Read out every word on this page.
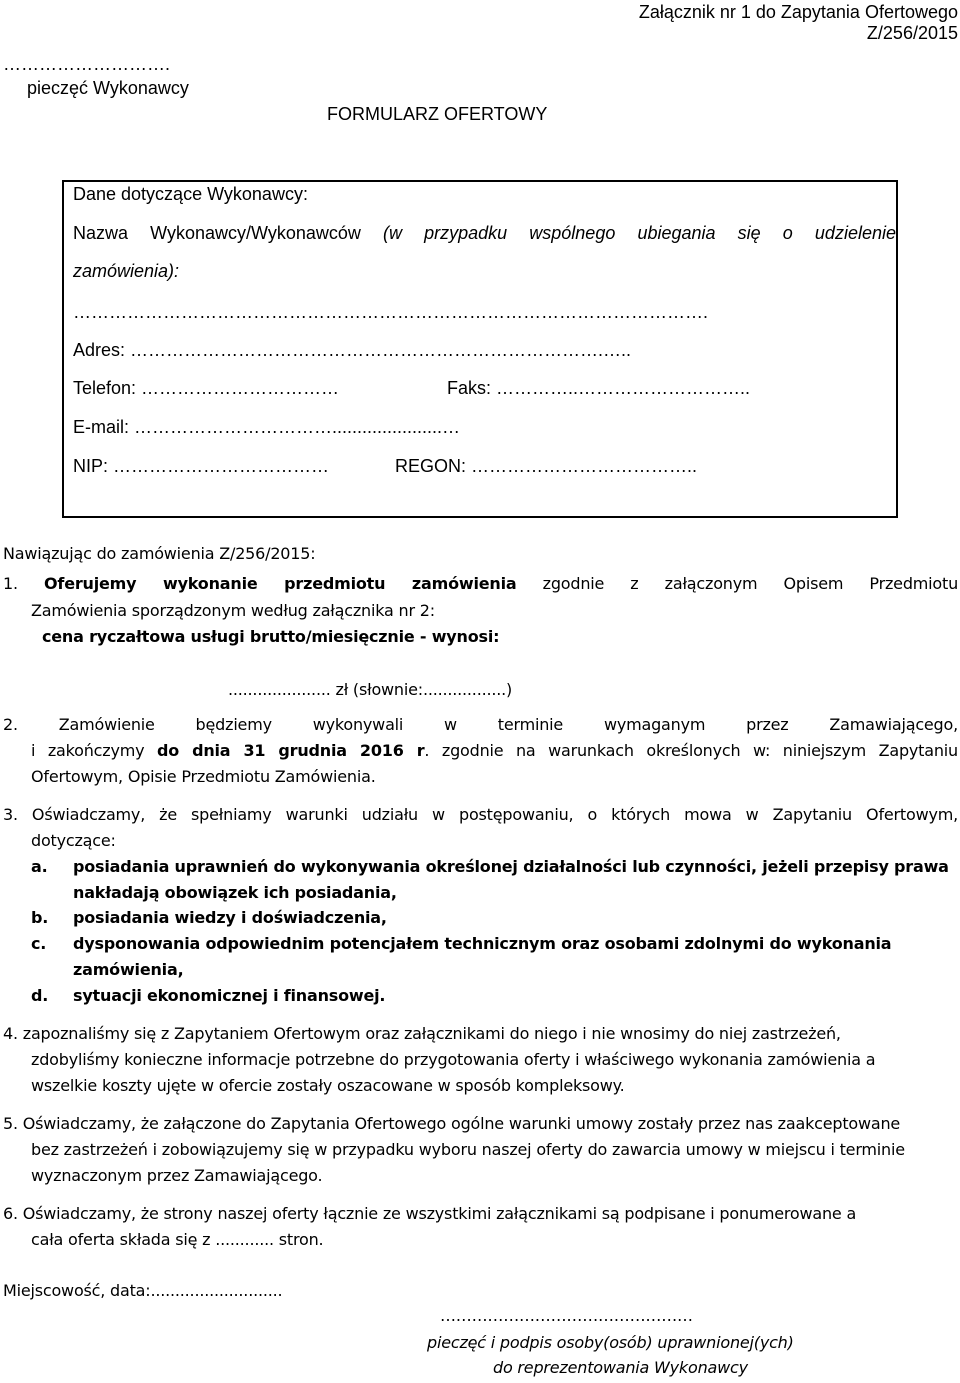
Załącznik nr 1 do Zapytania Ofertowego
Z/256/2015
……………………….
pieczęć Wykonawcy
FORMULARZ OFERTOWY
Dane dotyczące Wykonawcy:
Nazwa Wykonawcy/Wykonawców (w przypadku wspólnego ubiegania się o udzielenie
zamówienia):
…………………………………………………………………………………………….
Adres: …………………………………………………………………….…..
Telefon: ……………………………	Faks: …………..………………………..
E-mail: ……………………………......................…
NIP: ………………………………	REGON: ………………………………..
Nawiązując do zamówienia Z/256/2015:
1. Oferujemy wykonanie przedmiotu zamówienia zgodnie z załączonym Opisem Przedmiotu
Zamówienia sporządzonym według załącznika nr 2:
cena ryczałtowa usługi brutto/miesięcznie - wynosi:
..................... zł (słownie:.................)
2. Zamówienie będziemy wykonywali w terminie wymaganym przez Zamawiającego,
i zakończymy do dnia 31 grudnia 2016 r. zgodnie na warunkach określonych w: niniejszym Zapytaniu
Ofertowym, Opisie Przedmiotu Zamówienia.
3. Oświadczamy, że spełniamy warunki udziału w postępowaniu, o których mowa w Zapytaniu Ofertowym,
dotyczące:
a. posiadania uprawnień do wykonywania określonej działalności lub czynności, jeżeli przepisy prawa
nakładają obowiązek ich posiadania,
b. posiadania wiedzy i doświadczenia,
c. dysponowania odpowiednim potencjałem technicznym oraz osobami zdolnymi do wykonania
zamówienia,
d. sytuacji ekonomicznej i finansowej.
4. zapoznaliśmy się z Zapytaniem Ofertowym oraz załącznikami do niego i nie wnosimy do niej zastrzeżeń,
zdobyliśmy konieczne informacje potrzebne do przygotowania oferty i właściwego wykonania zamówienia a
wszelkie koszty ujęte w ofercie zostały oszacowane w sposób kompleksowy.
5. Oświadczamy, że załączone do Zapytania Ofertowego ogólne warunki umowy zostały przez nas zaakceptowane
bez zastrzeżeń i zobowiązujemy się w przypadku wyboru naszej oferty do zawarcia umowy w miejscu i terminie
wyznaczonym przez Zamawiającego.
6. Oświadczamy, że strony naszej oferty łącznie ze wszystkimi załącznikami są podpisane i ponumerowane a
cała oferta składa się z ............ stron.
Miejscowość, data:...........................
…………………………………………
pieczęć i podpis osoby(osób) uprawnionej(ych)
do reprezentowania Wykonawcy
